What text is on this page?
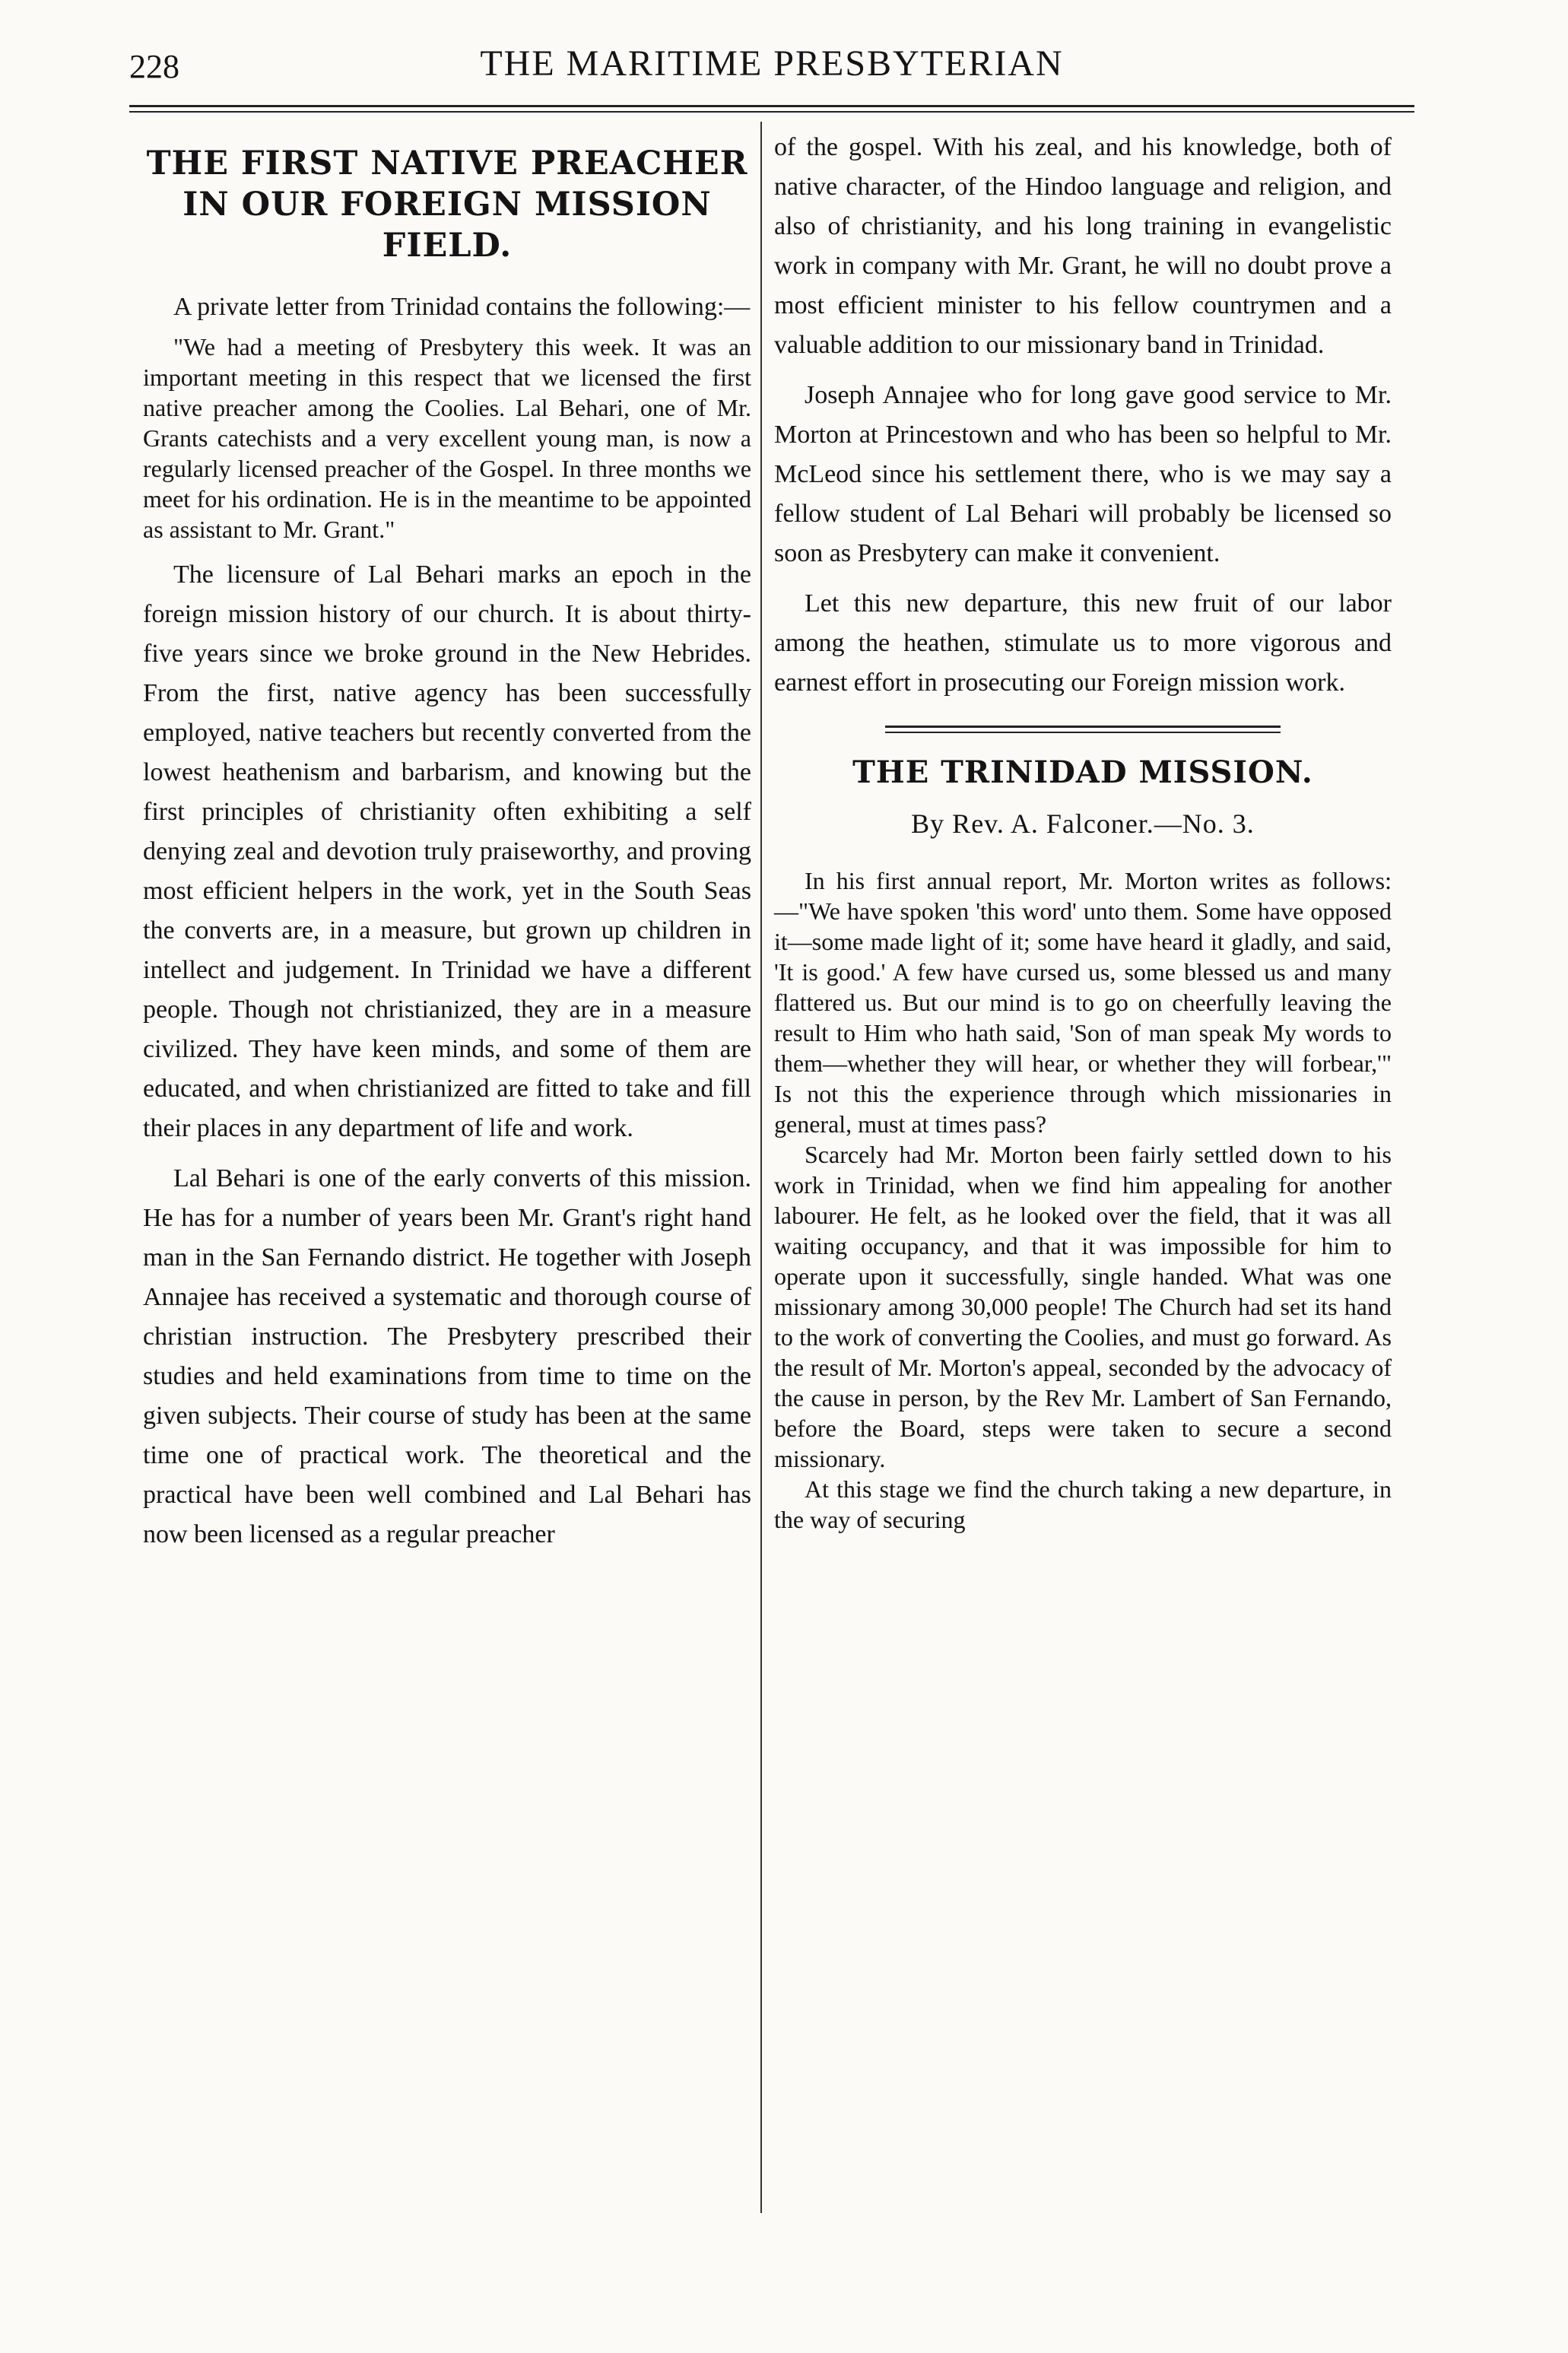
228	THE MARITIME PRESBYTERIAN
THE FIRST NATIVE PREACHER IN OUR FOREIGN MISSION FIELD.

A private letter from Trinidad contains the following:—

"We had a meeting of Presbytery this week. It was an important meeting in this respect that we licensed the first native preacher among the Coolies. Lal Behari, one of Mr. Grants catechists and a very excellent young man, is now a regularly licensed preacher of the Gospel. In three months we meet for his ordination. He is in the meantime to be appointed as assistant to Mr. Grant."

The licensure of Lal Behari marks an epoch in the foreign mission history of our church. It is about thirty-five years since we broke ground in the New Hebrides. From the first, native agency has been successfully employed, native teachers but recently converted from the lowest heathenism and barbarism, and knowing but the first principles of christianity often exhibiting a self denying zeal and devotion truly praiseworthy, and proving most efficient helpers in the work, yet in the South Seas the converts are, in a measure, but grown up children in intellect and judgement. In Trinidad we have a different people. Though not christianized, they are in a measure civilized. They have keen minds, and some of them are educated, and when christianized are fitted to take and fill their places in any department of life and work.

Lal Behari is one of the early converts of this mission. He has for a number of years been Mr. Grant's right hand man in the San Fernando district. He together with Joseph Annajee has received a systematic and thorough course of christian instruction. The Presbytery prescribed their studies and held examinations from time to time on the given subjects. Their course of study has been at the same time one of practical work. The theoretical and the practical have been well combined and Lal Behari has now been licensed as a regular preacher

of the gospel. With his zeal, and his knowledge, both of native character, of the Hindoo language and religion, and also of christianity, and his long training in evangelistic work in company with Mr. Grant, he will no doubt prove a most efficient minister to his fellow countrymen and a valuable addition to our missionary band in Trinidad.

Joseph Annajee who for long gave good service to Mr. Morton at Princestown and who has been so helpful to Mr. McLeod since his settlement there, who is we may say a fellow student of Lal Behari will probably be licensed so soon as Presbytery can make it convenient.

Let this new departure, this new fruit of our labor among the heathen, stimulate us to more vigorous and earnest effort in prosecuting our Foreign mission work.

THE TRINIDAD MISSION.
By Rev. A. Falconer.—No. 3.

In his first annual report, Mr. Morton writes as follows:—"We have spoken 'this word' unto them. Some have opposed it—some made light of it; some have heard it gladly, and said, 'It is good.' A few have cursed us, some blessed us and many flattered us. But our mind is to go on cheerfully leaving the result to Him who hath said, 'Son of man speak My words to them—whether they will hear, or whether they will forbear,'" Is not this the experience through which missionaries in general, must at times pass?

Scarcely had Mr. Morton been fairly settled down to his work in Trinidad, when we find him appealing for another labourer. He felt, as he looked over the field, that it was all waiting occupancy, and that it was impossible for him to operate upon it successfully, single handed. What was one missionary among 30,000 people! The Church had set its hand to the work of converting the Coolies, and must go forward. As the result of Mr. Morton's appeal, seconded by the advocacy of the cause in person, by the Rev Mr. Lambert of San Fernando, before the Board, steps were taken to secure a second missionary.

At this stage we find the church taking a new departure, in the way of securing
